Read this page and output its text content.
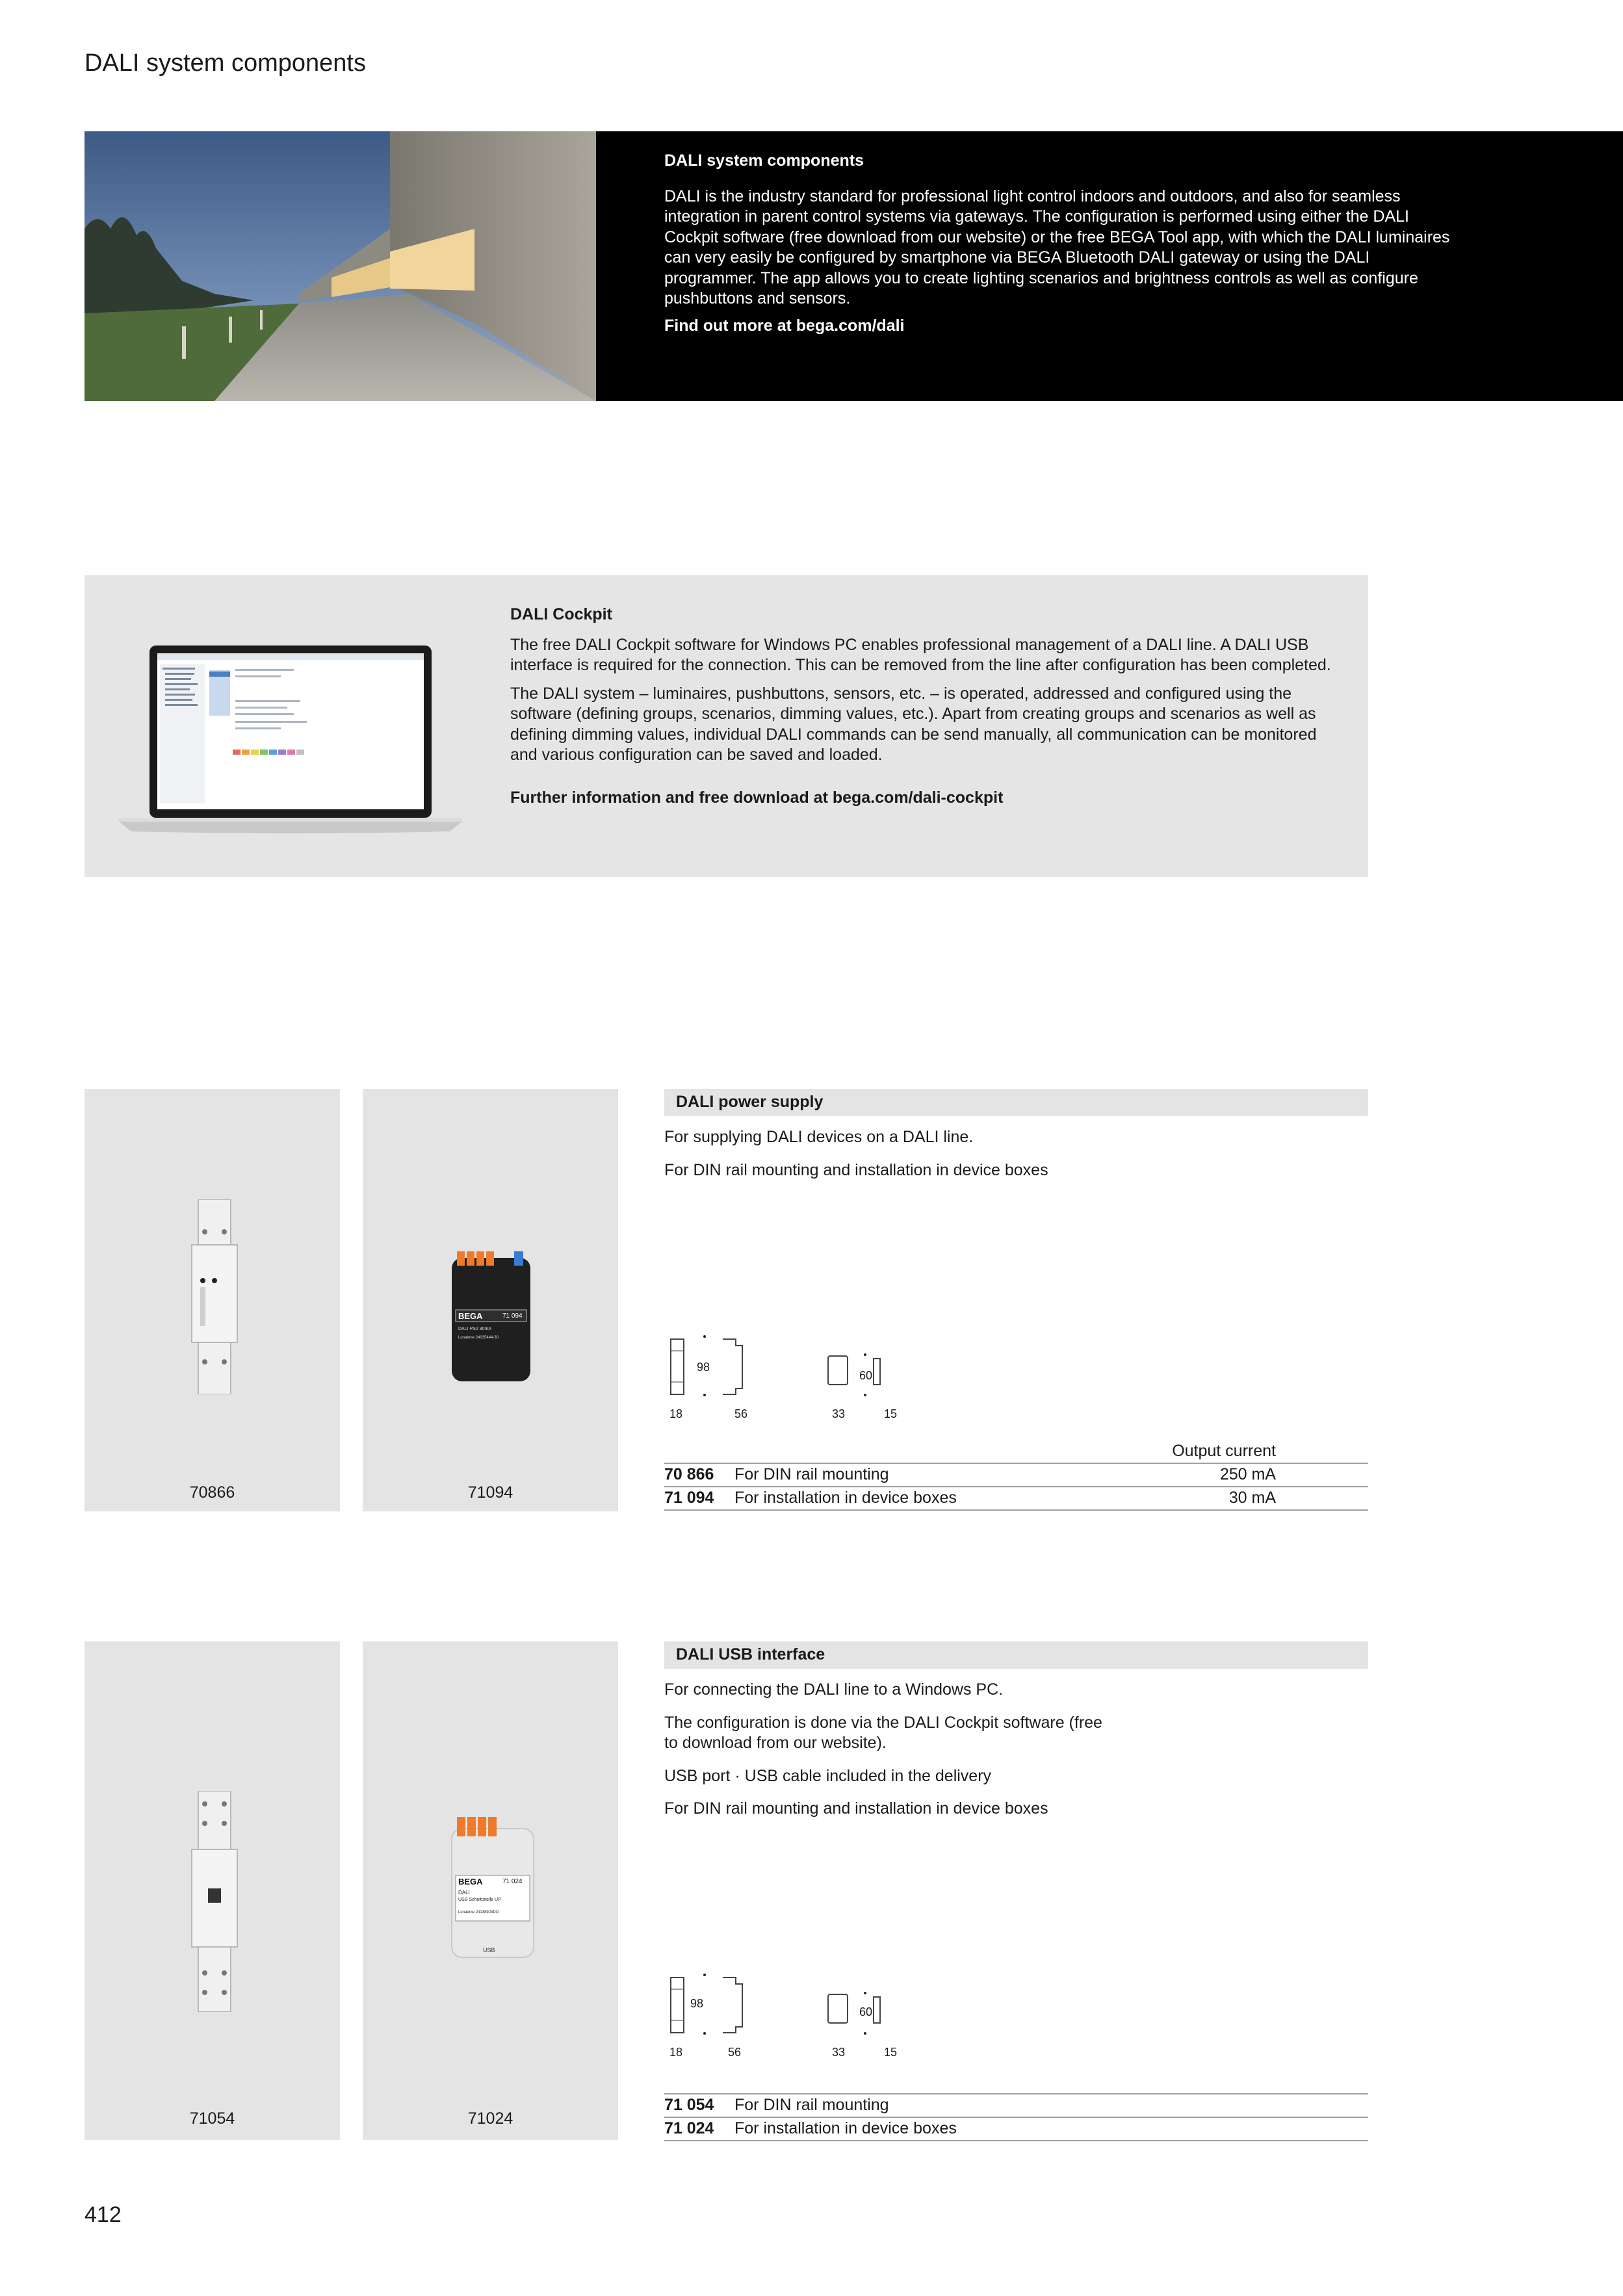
DALI system components
DALI system components

DALI is the industry standard for professional light control indoors and outdoors, and also for seamless integration in parent control systems via gateways. The configuration is performed using either the DALI Cockpit software (free download from our website) or the free BEGA Tool app, with which the DALI luminaires can very easily be configured by smartphone via BEGA Bluetooth DALI gateway or using the DALI programmer. The app allows you to create lighting scenarios and brightness controls as well as configure pushbuttons and sensors.

Find out more at bega.com/dali

DALI Cockpit

The free DALI Cockpit software for Windows PC enables professional management of a DALI line. A DALI USB interface is required for the connection. This can be removed from the line after configuration has been completed.

The DALI system – luminaires, pushbuttons, sensors, etc. – is operated, addressed and configured using the software (defining groups, scenarios, dimming values, etc.). Apart from creating groups and scenarios as well as defining dimming values, individual DALI commands can be send manually, all communication can be monitored and various configuration can be saved and loaded.

Further information and free download at bega.com/dali-cockpit

70866
BEGA	71 094
DALI PS2 30mA
Lunatone 24035444-30
71094
DALI power supply

For supplying DALI devices on a DALI line.

For DIN rail mounting and installation in device boxes

98
60
18	56	33	15
Output current
70 866 For DIN rail mounting	250 mA
71 094 For installation in device boxes	30 mA
71054
BEGA	71 024
DALI
USB Schnittstelle UP
Lunatone 24138923DO
USB
71024
DALI USB interface

For connecting the DALI line to a Windows PC.

The configuration is done via the DALI Cockpit software (free to download from our website).

USB port · USB cable included in the delivery

For DIN rail mounting and installation in device boxes

98
60
18	56	33	15
71 054 For DIN rail mounting
71 024 For installation in device boxes
412
